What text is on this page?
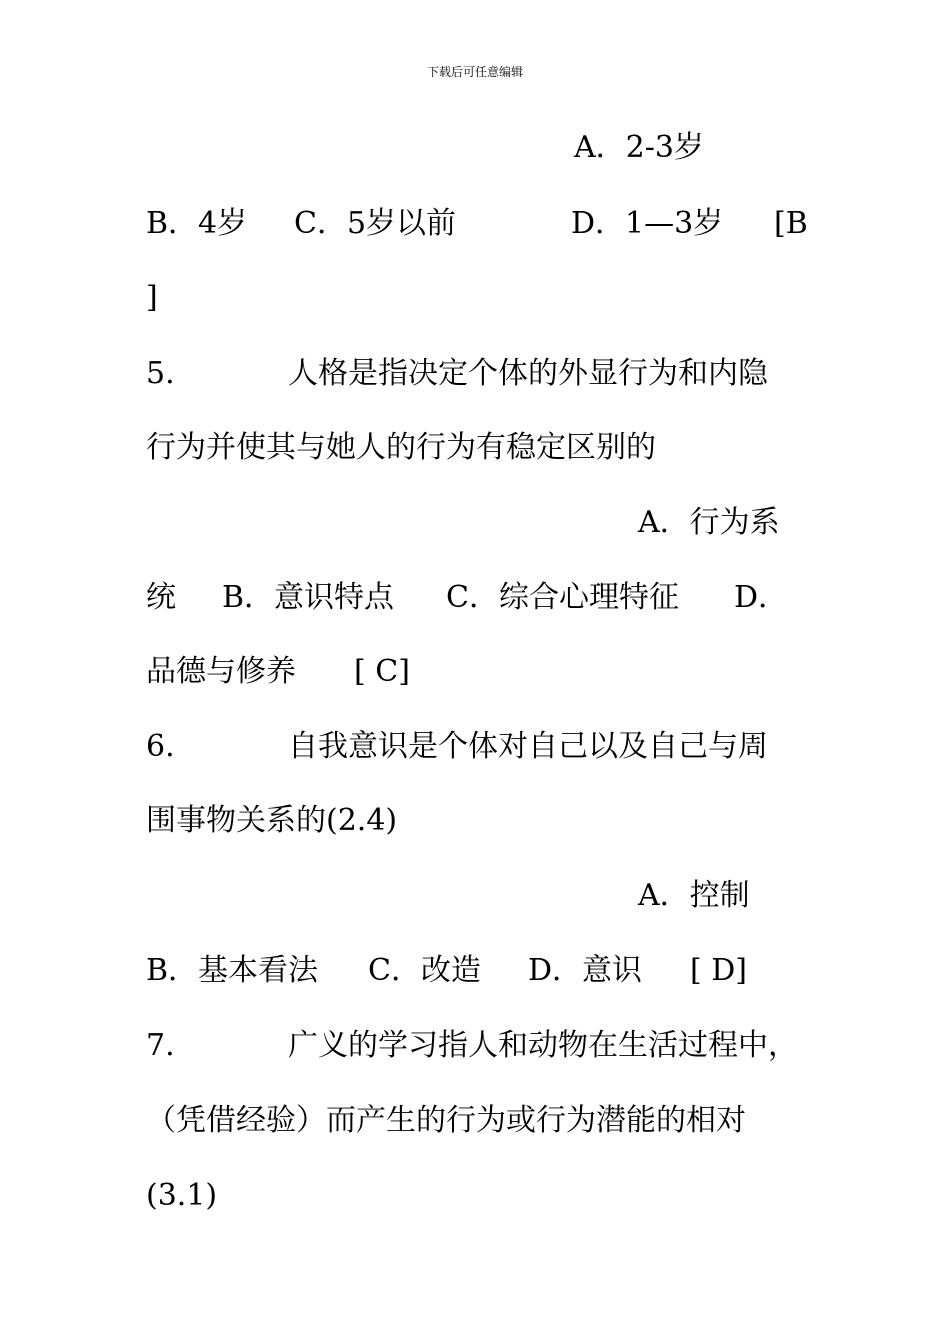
下载后可任意编辑

A．2-3岁

B．4岁

C．5岁以前

	D．1—3岁

[B

]

5.

	人格是指决定个体的外显行为和内隐

行为并使其与她人的行为有稳定区别的
A．行为系

统

B．意识特点

C．综合心理特征

D．

品德与修养

[ C]

6.

	自我意识是个体对自己以及自己与周

围事物关系的(2.4)
A．控制

B．基本看法

C．改造

D．意识

[ D]

7.

	广义的学习指人和动物在生活过程中，

（凭借经验）而产生的行为或行为潜能的相对
(3.1)
